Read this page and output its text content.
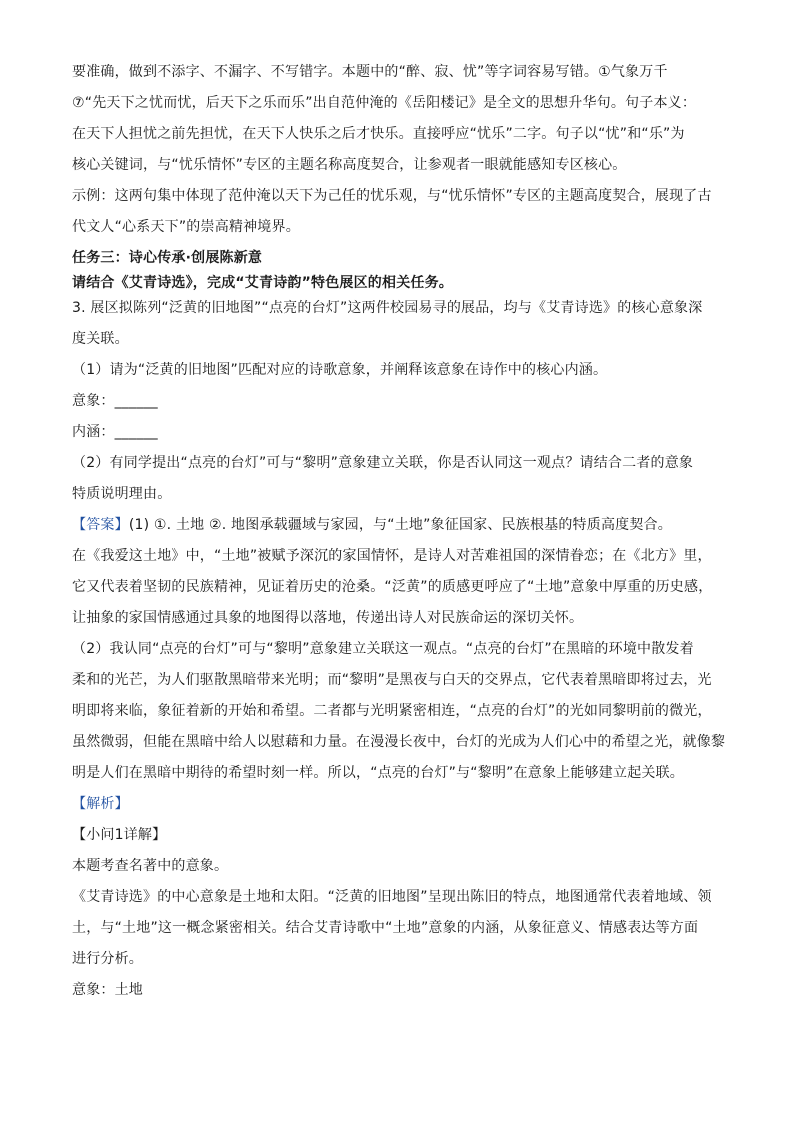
要准确，做到不添字、不漏字、不写错字。本题中的“醉、寂、忧”等字词容易写错。①气象万千
⑦“先天下之忧而忧，后天下之乐而乐”出自范仲淹的《岳阳楼记》是全文的思想升华句。句子本义：
在天下人担忧之前先担忧，在天下人快乐之后才快乐。直接呼应“忧乐”二字。句子以“忧”和“乐”为
核心关键词，与“忧乐情怀”专区的主题名称高度契合，让参观者一眼就能感知专区核心。
示例：这两句集中体现了范仲淹以天下为己任的忧乐观，与“忧乐情怀”专区的主题高度契合，展现了古
代文人“心系天下”的崇高精神境界。
任务三：诗心传承·创展陈新意
请结合《艾青诗选》，完成“艾青诗韵”特色展区的相关任务。
3. 展区拟陈列“泛黄的旧地图”“点亮的台灯”这两件校园易寻的展品，均与《艾青诗选》的核心意象深
度关联。
（1）请为“泛黄的旧地图”匹配对应的诗歌意象，并阐释该意象在诗作中的核心内涵。
意象：______
内涵：______
（2）有同学提出“点亮的台灯”可与“黎明”意象建立关联，你是否认同这一观点？请结合二者的意象
特质说明理由。
【答案】(1) ①. 土地 ②. 地图承载疆域与家园，与“土地”象征国家、民族根基的特质高度契合。
在《我爱这土地》中，“土地”被赋予深沉的家国情怀，是诗人对苦难祖国的深情眷恋；在《北方》里，
它又代表着坚韧的民族精神，见证着历史的沧桑。“泛黄”的质感更呼应了“土地”意象中厚重的历史感，
让抽象的家国情感通过具象的地图得以落地，传递出诗人对民族命运的深切关怀。
（2）我认同“点亮的台灯”可与“黎明”意象建立关联这一观点。“点亮的台灯”在黑暗的环境中散发着
柔和的光芒，为人们驱散黑暗带来光明；而“黎明”是黑夜与白天的交界点，它代表着黑暗即将过去，光
明即将来临，象征着新的开始和希望。二者都与光明紧密相连，“点亮的台灯”的光如同黎明前的微光，
虽然微弱，但能在黑暗中给人以慰藉和力量。在漫漫长夜中，台灯的光成为人们心中的希望之光，就像黎
明是人们在黑暗中期待的希望时刻一样。所以，“点亮的台灯”与“黎明”在意象上能够建立起关联。
【解析】
【小问1详解】
本题考查名著中的意象。
《艾青诗选》的中心意象是土地和太阳。“泛黄的旧地图”呈现出陈旧的特点，地图通常代表着地域、领
土，与“土地”这一概念紧密相关。结合艾青诗歌中“土地”意象的内涵，从象征意义、情感表达等方面
进行分析。
意象：土地
